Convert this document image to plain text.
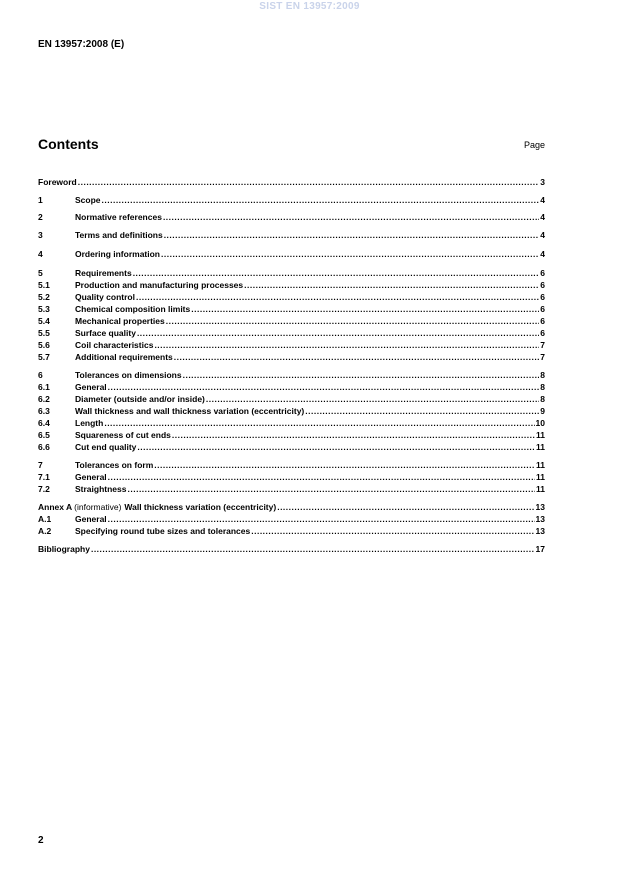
SIST EN 13957:2009
EN 13957:2008 (E)
Contents	Page
Foreword .....	3
1	Scope .....	4
2	Normative references .....	4
3	Terms and definitions .....	4
4	Ordering information .....	4
5	Requirements .....	6
5.1	Production and manufacturing processes .....	6
5.2	Quality control .....	6
5.3	Chemical composition limits .....	6
5.4	Mechanical properties .....	6
5.5	Surface quality .....	6
5.6	Coil characteristics .....	7
5.7	Additional requirements .....	7
6	Tolerances on dimensions .....	8
6.1	General .....	8
6.2	Diameter (outside and/or inside) .....	8
6.3	Wall thickness and wall thickness variation (eccentricity) .....	9
6.4	Length .....	10
6.5	Squareness of cut ends .....	11
6.6	Cut end quality .....	11
7	Tolerances on form .....	11
7.1	General .....	11
7.2	Straightness .....	11
Annex A (informative) Wall thickness variation (eccentricity) .....	13
A.1	General .....	13
A.2	Specifying round tube sizes and tolerances .....	13
Bibliography .....	17
2
